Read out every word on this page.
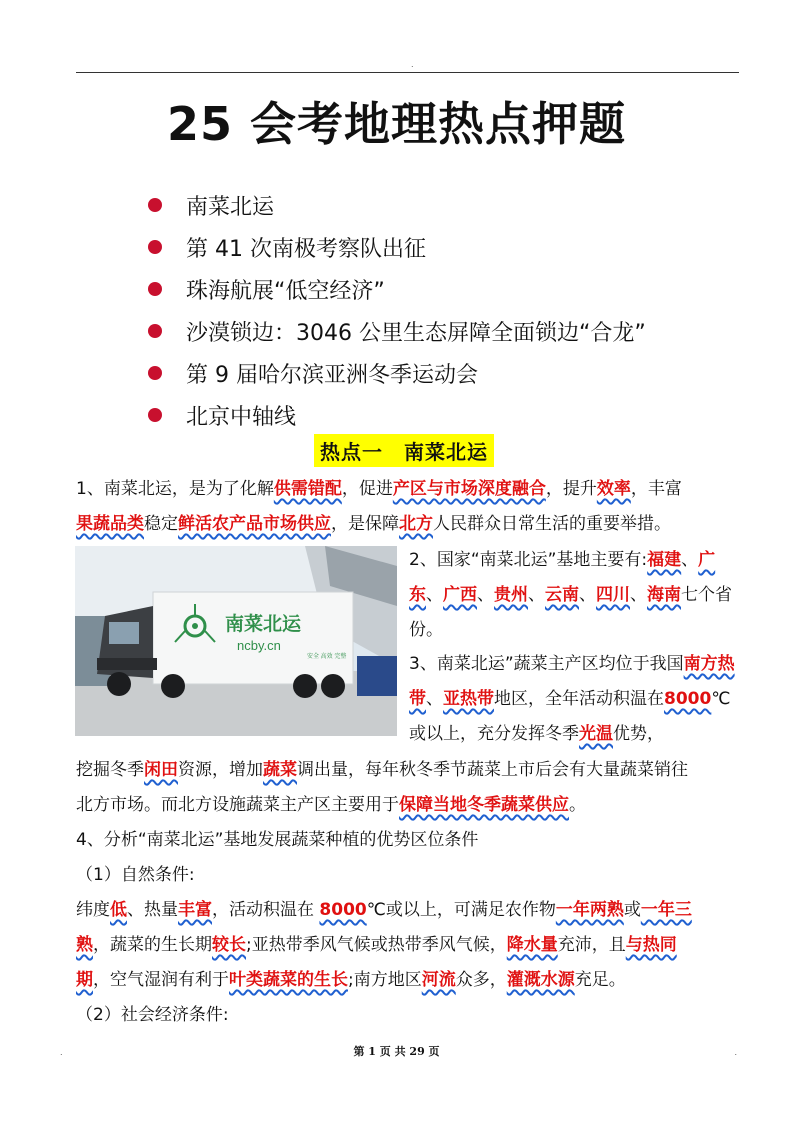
.
25 会考地理热点押题
南菜北运
第 41 次南极考察队出征
珠海航展“低空经济”
沙漠锁边：3046 公里生态屏障全面锁边“合龙”
第 9 届哈尔滨亚洲冬季运动会
北京中轴线
热点一　南菜北运

1、南菜北运，是为了化解供需错配，促进产区与市场深度融合，提升效率，丰富

果蔬品类稳定鲜活农产品市场供应，是保障北方人民群众日常生活的重要举措。

南菜北运
ncby.cn
安全 高效 完整

2、国家“南菜北运”基地主要有:福建、广东、广西、贵州、云南、四川、海南七个省份。

3、南菜北运”蔬菜主产区均位于我国南方热带、亚热带地区，全年活动积温在8000℃或以上，充分发挥冬季光温优势，

挖掘冬季闲田资源，增加蔬菜调出量，每年秋冬季节蔬菜上市后会有大量蔬菜销往

北方市场。而北方设施蔬菜主产区主要用于保障当地冬季蔬菜供应。

4、分析“南菜北运”基地发展蔬菜种植的优势区位条件

（1）自然条件:

纬度低、热量丰富，活动积温在 8000℃或以上，可满足农作物一年两熟或一年三

熟，蔬菜的生长期较长;亚热带季风气候或热带季风气候，降水量充沛，且与热同

期，空气湿润有利于叶类蔬菜的生长;南方地区河流众多，灌溉水源充足。

（2）社会经济条件:

.	第 1 页 共 29 页	.
